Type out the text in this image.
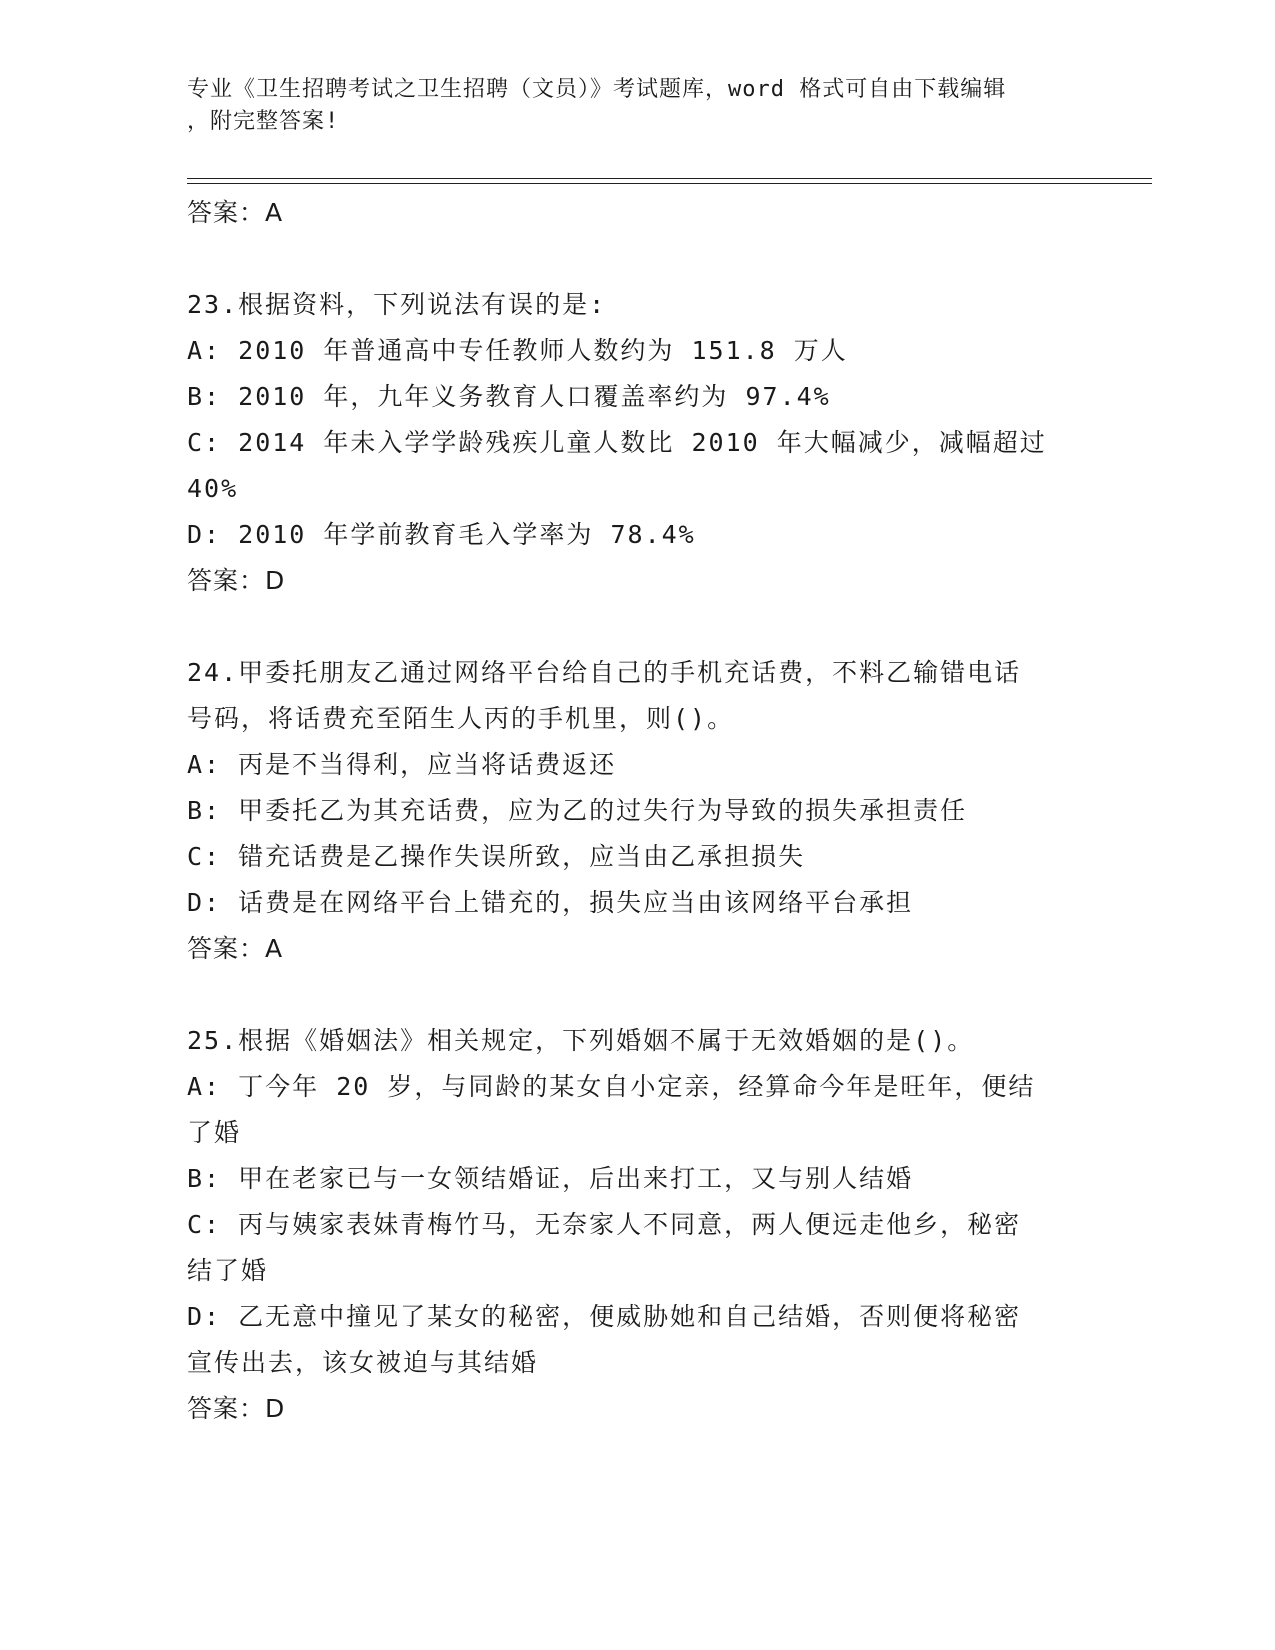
专业《卫生招聘考试之卫生招聘（文员）》考试题库，word 格式可自由下载编辑
，附完整答案!
答案：A
23.根据资料，下列说法有误的是:
A: 2010 年普通高中专任教师人数约为 151.8 万人
B: 2010 年，九年义务教育人口覆盖率约为 97.4%
C: 2014 年未入学学龄残疾儿童人数比 2010 年大幅减少，减幅超过
40%
D: 2010 年学前教育毛入学率为 78.4%
答案：D
24.甲委托朋友乙通过网络平台给自己的手机充话费，不料乙输错电话
号码，将话费充至陌生人丙的手机里，则()。
A: 丙是不当得利，应当将话费返还
B: 甲委托乙为其充话费，应为乙的过失行为导致的损失承担责任
C: 错充话费是乙操作失误所致，应当由乙承担损失
D: 话费是在网络平台上错充的，损失应当由该网络平台承担
答案：A
25.根据《婚姻法》相关规定，下列婚姻不属于无效婚姻的是()。
A: 丁今年 20 岁，与同龄的某女自小定亲，经算命今年是旺年，便结
了婚
B: 甲在老家已与一女领结婚证，后出来打工，又与别人结婚
C: 丙与姨家表妹青梅竹马，无奈家人不同意，两人便远走他乡，秘密
结了婚
D: 乙无意中撞见了某女的秘密，便威胁她和自己结婚，否则便将秘密
宣传出去，该女被迫与其结婚
答案：D
